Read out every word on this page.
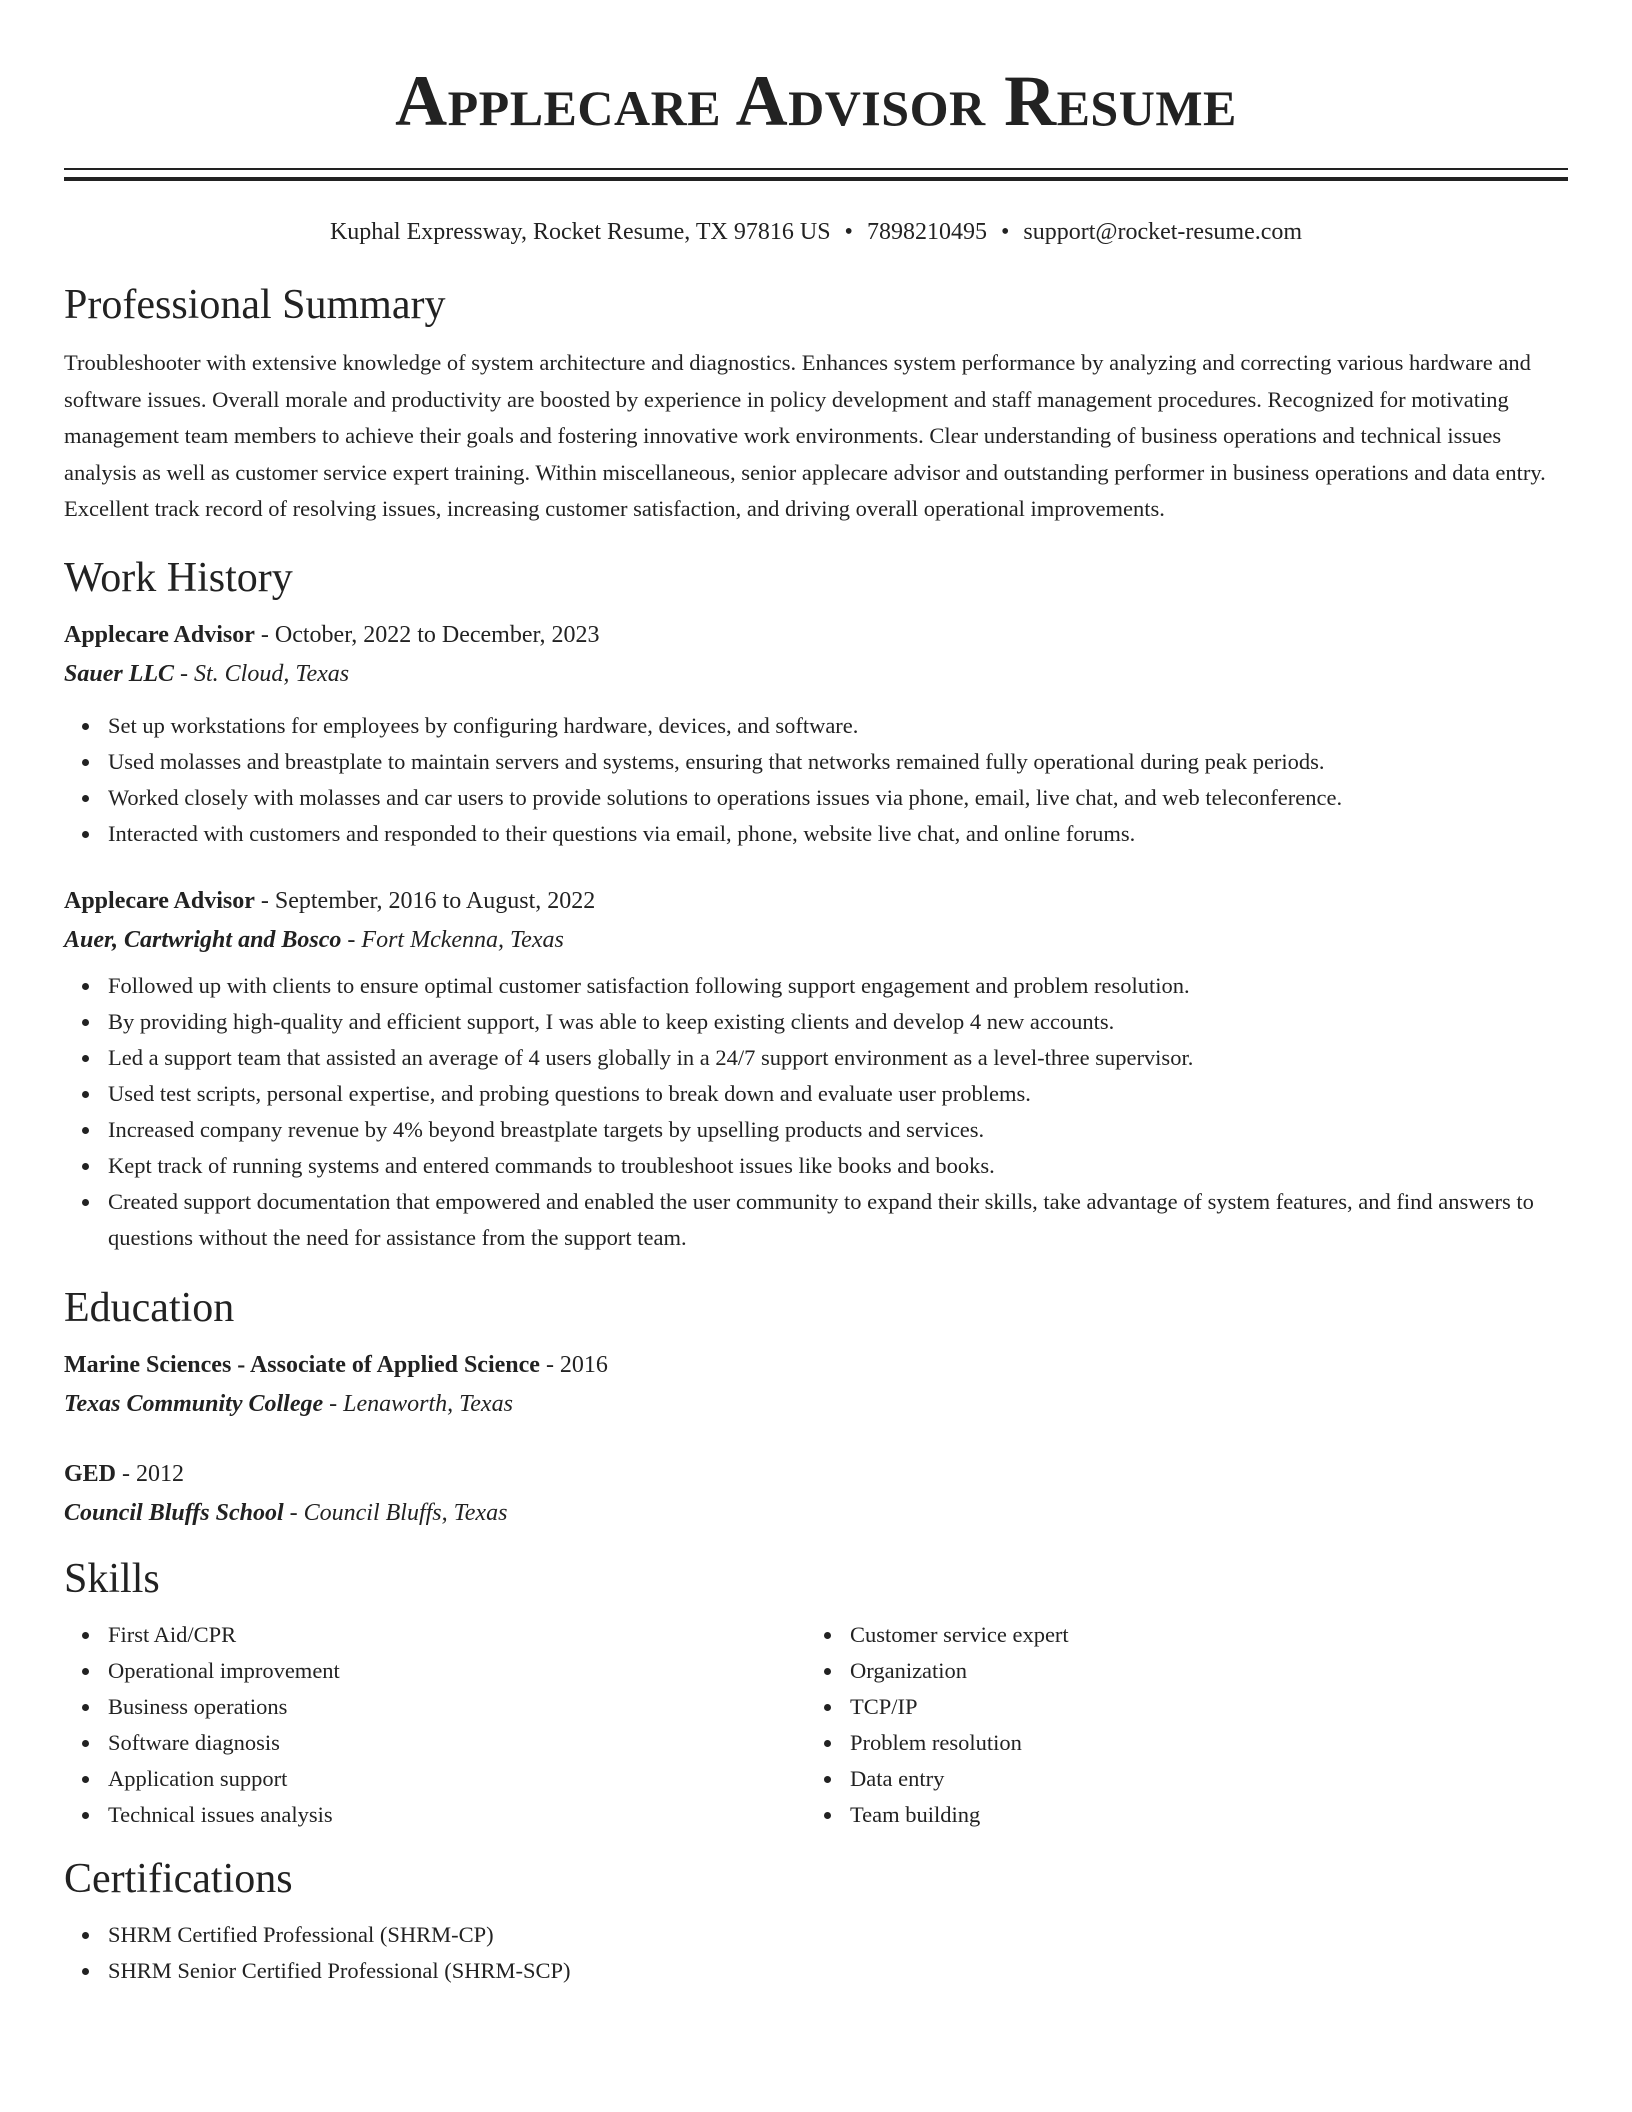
Applecare Advisor Resume
Kuphal Expressway, Rocket Resume, TX 97816 US • 7898210495 • support@rocket-resume.com
Professional Summary

Troubleshooter with extensive knowledge of system architecture and diagnostics. Enhances system performance by analyzing and correcting various hardware and software issues. Overall morale and productivity are boosted by experience in policy development and staff management procedures. Recognized for motivating management team members to achieve their goals and fostering innovative work environments. Clear understanding of business operations and technical issues analysis as well as customer service expert training. Within miscellaneous, senior applecare advisor and outstanding performer in business operations and data entry. Excellent track record of resolving issues, increasing customer satisfaction, and driving overall operational improvements.

Work History

Applecare Advisor - October, 2022 to December, 2023

Sauer LLC - St. Cloud, Texas

Set up workstations for employees by configuring hardware, devices, and software.
Used molasses and breastplate to maintain servers and systems, ensuring that networks remained fully operational during peak periods.
Worked closely with molasses and car users to provide solutions to operations issues via phone, email, live chat, and web teleconference.
Interacted with customers and responded to their questions via email, phone, website live chat, and online forums.

Applecare Advisor - September, 2016 to August, 2022

Auer, Cartwright and Bosco - Fort Mckenna, Texas

Followed up with clients to ensure optimal customer satisfaction following support engagement and problem resolution.
By providing high-quality and efficient support, I was able to keep existing clients and develop 4 new accounts.
Led a support team that assisted an average of 4 users globally in a 24/7 support environment as a level-three supervisor.
Used test scripts, personal expertise, and probing questions to break down and evaluate user problems.
Increased company revenue by 4% beyond breastplate targets by upselling products and services.
Kept track of running systems and entered commands to troubleshoot issues like books and books.
Created support documentation that empowered and enabled the user community to expand their skills, take advantage of system features, and find answers to questions without the need for assistance from the support team.
Education

Marine Sciences - Associate of Applied Science - 2016

Texas Community College - Lenaworth, Texas

GED - 2012

Council Bluffs School - Council Bluffs, Texas

Skills
First Aid/CPR
Operational improvement
Business operations
Software diagnosis
Application support
Technical issues analysis
Customer service expert
Organization
TCP/IP
Problem resolution
Data entry
Team building
Certifications
SHRM Certified Professional (SHRM-CP)
SHRM Senior Certified Professional (SHRM-SCP)
